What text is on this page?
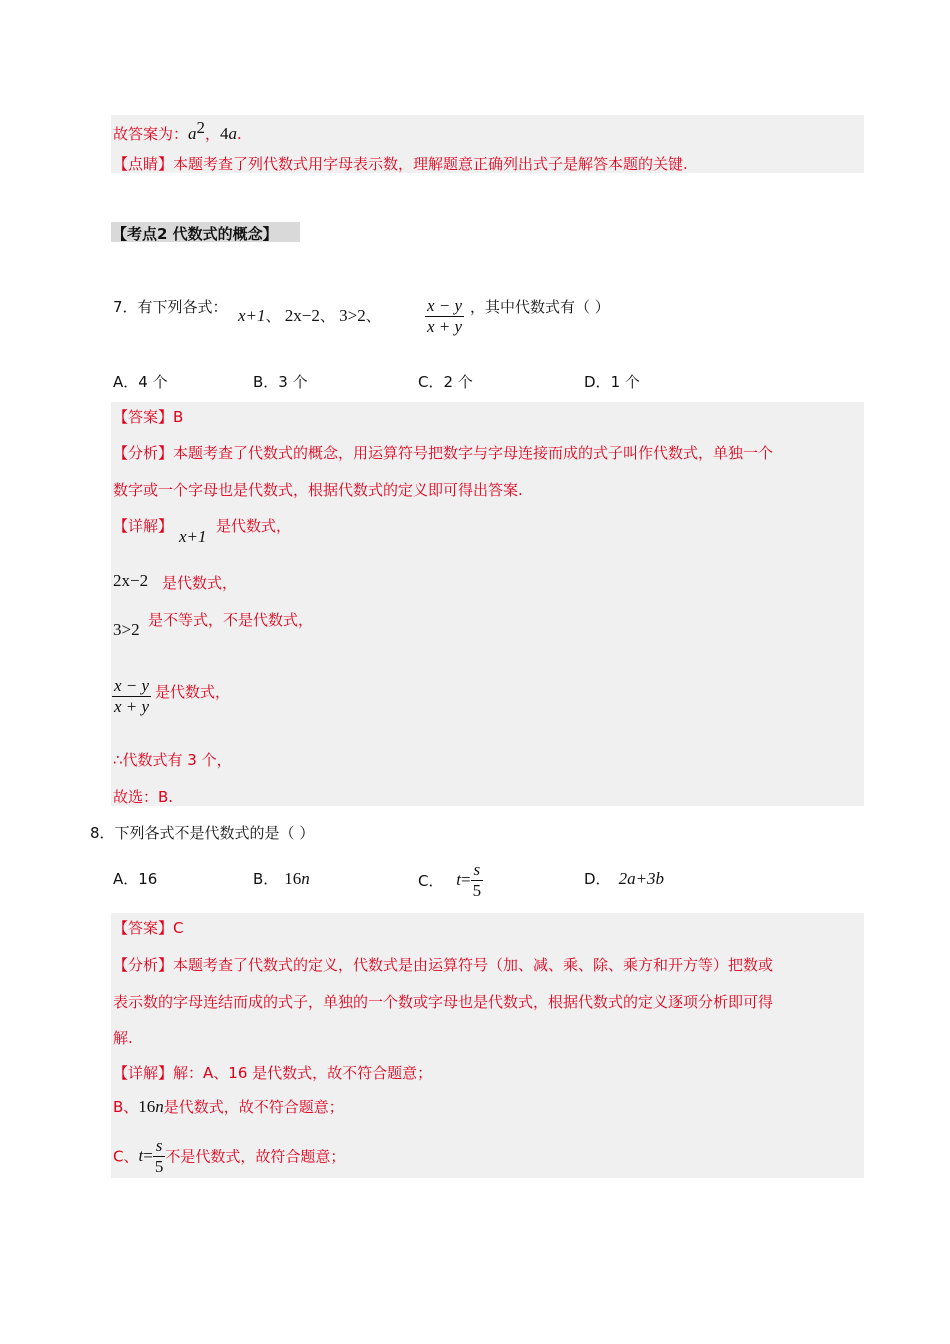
故答案为：$a^2$，4a.
【点睛】本题考查了列代数式用字母表示数，理解题意正确列出式子是解答本题的关键.
【考点2 代数式的概念】
7．有下列各式： x+1、 2x−2、 3>2、	$\frac{x - y}{x + y}$ ，其中代数式有（ ）
A．4 个	B．3 个	C．2 个	D．1 个
【答案】B
【分析】本题考查了代数式的概念，用运算符号把数字与字母连接而成的式子叫作代数式，单独一个
数字或一个字母也是代数式，根据代数式的定义即可得出答案.
【详解】
x+1
是代数式，
2x−2 是代数式，
3>2 是不等式，不是代数式，
$\frac{x - y}{x + y}$ 是代数式，
∴代数式有 3 个，
故选：B.
8．下列各式不是代数式的是（ ）
A．16	B． 16n	C． $t= \frac{s}{5}$	D． 2a+3b
【答案】C
【分析】本题考查了代数式的定义，代数式是由运算符号（加、减、乘、除、乘方和开方等）把数或
表示数的字母连结而成的式子，单独的一个数或字母也是代数式，根据代数式的定义逐项分析即可得
解.
【详解】解：A、16 是代数式，故不符合题意；
B、16n是代数式，故不符合题意；
C、$t= \frac{s}{5}$ 不是代数式，故符合题意；
